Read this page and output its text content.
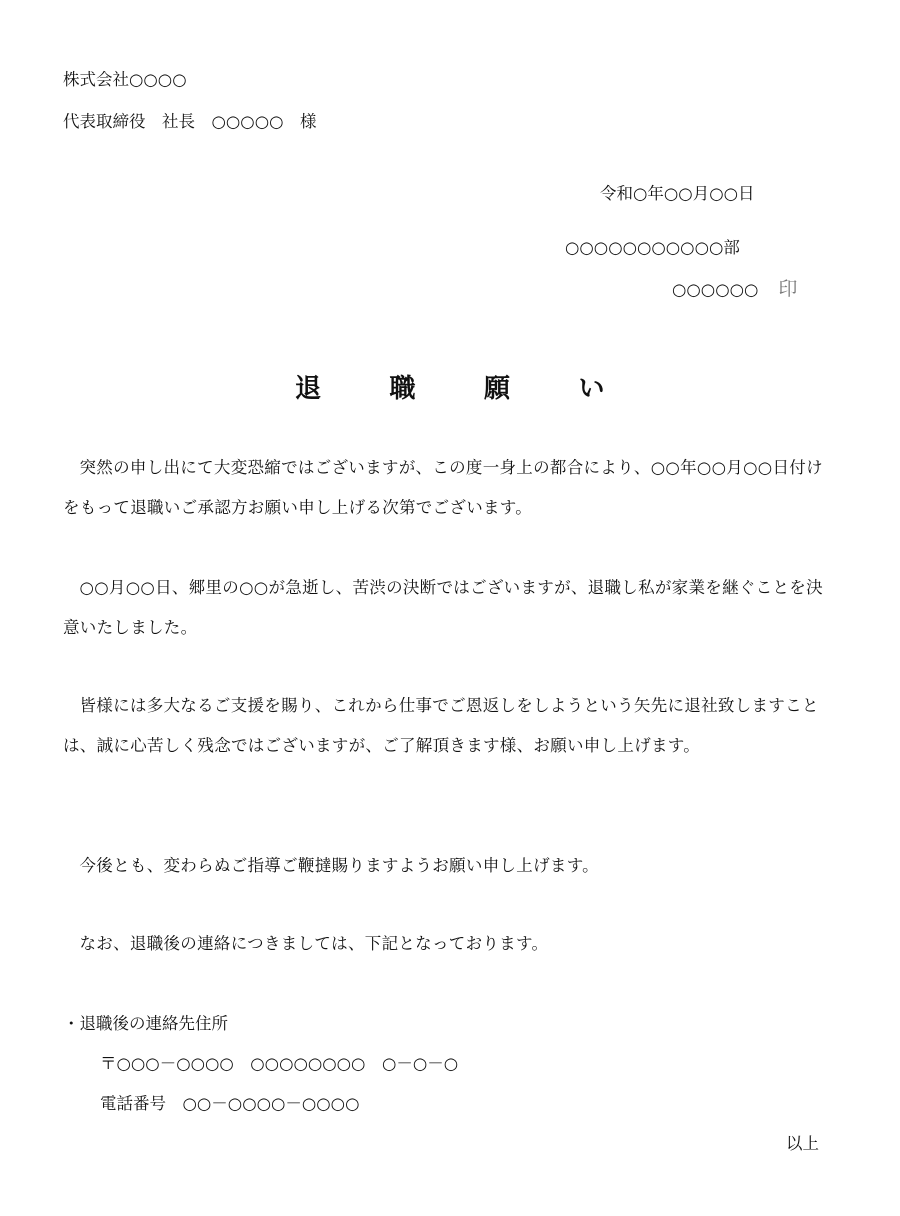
株式会社○○○○
代表取締役　社長　○○○○○　様
令和○年○○月○○日
○○○○○○○○○○○部
○○○○○○ 印
退	職	願	い

突然の申し出にて大変恐縮ではございますが、この度一身上の都合により、○○年○○月○○日付けをもって退職いご承認方お願い申し上げる次第でございます。

○○月○○日、郷里の○○が急逝し、苦渋の決断ではございますが、退職し私が家業を継ぐことを決意いたしました。

皆様には多大なるご支援を賜り、これから仕事でご恩返しをしようという矢先に退社致しますことは、誠に心苦しく残念ではございますが、ご了解頂きます様、お願い申し上げます。

今後とも、変わらぬご指導ご鞭撻賜りますようお願い申し上げます。

なお、退職後の連絡につきましては、下記となっております。

・退職後の連絡先住所
〒○○○－○○○○　○○○○○○○○　○－○－○
電話番号　○○－○○○○－○○○○
以上
